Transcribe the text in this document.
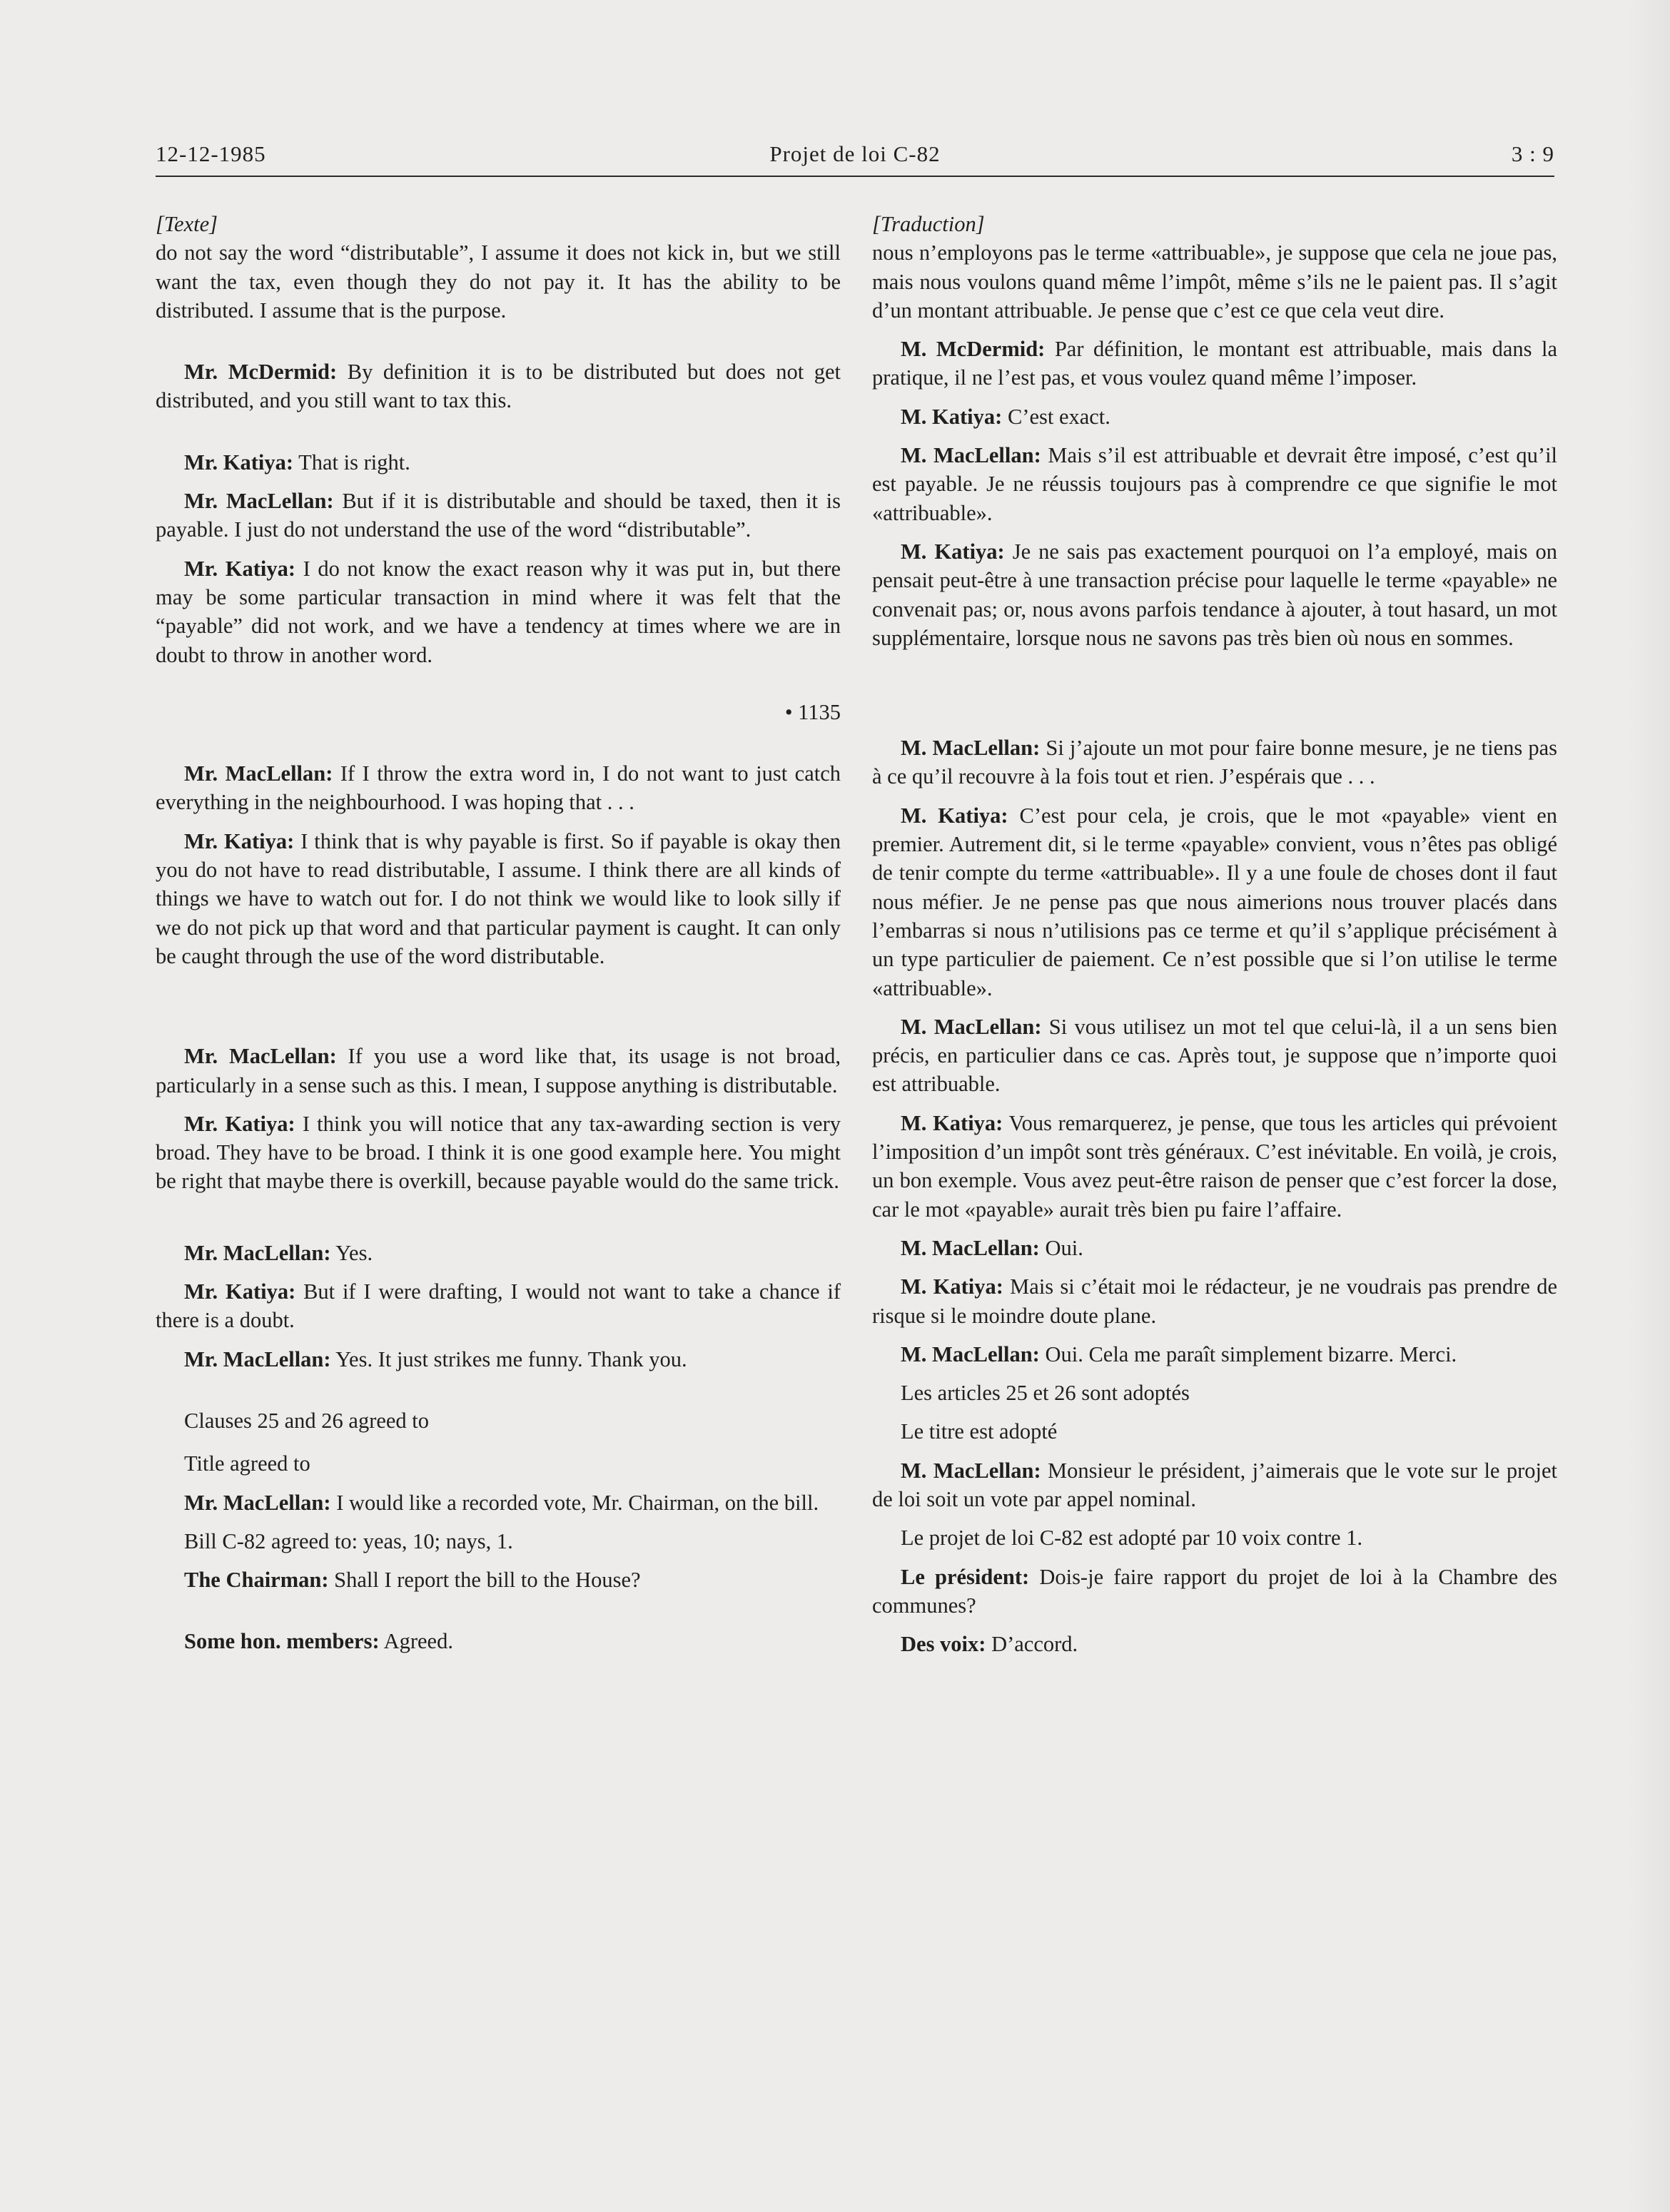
12-12-1985	Projet de loi C-82	3 : 9

[Texte]

do not say the word “distributable”, I assume it does not kick in, but we still want the tax, even though they do not pay it. It has the ability to be distributed. I assume that is the purpose.

Mr. McDermid: By definition it is to be distributed but does not get distributed, and you still want to tax this.

Mr. Katiya: That is right.

Mr. MacLellan: But if it is distributable and should be taxed, then it is payable. I just do not understand the use of the word “distributable”.

Mr. Katiya: I do not know the exact reason why it was put in, but there may be some particular transaction in mind where it was felt that the “payable” did not work, and we have a tendency at times where we are in doubt to throw in another word.

• 1135

Mr. MacLellan: If I throw the extra word in, I do not want to just catch everything in the neighbourhood. I was hoping that . . .

Mr. Katiya: I think that is why payable is first. So if payable is okay then you do not have to read distributable, I assume. I think there are all kinds of things we have to watch out for. I do not think we would like to look silly if we do not pick up that word and that particular payment is caught. It can only be caught through the use of the word distributable.

Mr. MacLellan: If you use a word like that, its usage is not broad, particularly in a sense such as this. I mean, I suppose anything is distributable.

Mr. Katiya: I think you will notice that any tax-awarding section is very broad. They have to be broad. I think it is one good example here. You might be right that maybe there is overkill, because payable would do the same trick.

Mr. MacLellan: Yes.

Mr. Katiya: But if I were drafting, I would not want to take a chance if there is a doubt.

Mr. MacLellan: Yes. It just strikes me funny. Thank you.

Clauses 25 and 26 agreed to

Title agreed to

Mr. MacLellan: I would like a recorded vote, Mr. Chairman, on the bill.

Bill C-82 agreed to: yeas, 10; nays, 1.

The Chairman: Shall I report the bill to the House?

Some hon. members: Agreed.

[Traduction]

nous n’employons pas le terme «attribuable», je suppose que cela ne joue pas, mais nous voulons quand même l’impôt, même s’ils ne le paient pas. Il s’agit d’un montant attribuable. Je pense que c’est ce que cela veut dire.

M. McDermid: Par définition, le montant est attribuable, mais dans la pratique, il ne l’est pas, et vous voulez quand même l’imposer.

M. Katiya: C’est exact.

M. MacLellan: Mais s’il est attribuable et devrait être imposé, c’est qu’il est payable. Je ne réussis toujours pas à comprendre ce que signifie le mot «attribuable».

M. Katiya: Je ne sais pas exactement pourquoi on l’a employé, mais on pensait peut-être à une transaction précise pour laquelle le terme «payable» ne convenait pas; or, nous avons parfois tendance à ajouter, à tout hasard, un mot supplémentaire, lorsque nous ne savons pas très bien où nous en sommes.

M. MacLellan: Si j’ajoute un mot pour faire bonne mesure, je ne tiens pas à ce qu’il recouvre à la fois tout et rien. J’espérais que . . .

M. Katiya: C’est pour cela, je crois, que le mot «payable» vient en premier. Autrement dit, si le terme «payable» convient, vous n’êtes pas obligé de tenir compte du terme «attribuable». Il y a une foule de choses dont il faut nous méfier. Je ne pense pas que nous aimerions nous trouver placés dans l’embarras si nous n’utilisions pas ce terme et qu’il s’applique précisément à un type particulier de paiement. Ce n’est possible que si l’on utilise le terme «attribuable».

M. MacLellan: Si vous utilisez un mot tel que celui-là, il a un sens bien précis, en particulier dans ce cas. Après tout, je suppose que n’importe quoi est attribuable.

M. Katiya: Vous remarquerez, je pense, que tous les articles qui prévoient l’imposition d’un impôt sont très généraux. C’est inévitable. En voilà, je crois, un bon exemple. Vous avez peut-être raison de penser que c’est forcer la dose, car le mot «payable» aurait très bien pu faire l’affaire.

M. MacLellan: Oui.

M. Katiya: Mais si c’était moi le rédacteur, je ne voudrais pas prendre de risque si le moindre doute plane.

M. MacLellan: Oui. Cela me paraît simplement bizarre. Merci.

Les articles 25 et 26 sont adoptés

Le titre est adopté

M. MacLellan: Monsieur le président, j’aimerais que le vote sur le projet de loi soit un vote par appel nominal.

Le projet de loi C-82 est adopté par 10 voix contre 1.

Le président: Dois-je faire rapport du projet de loi à la Chambre des communes?

Des voix: D’accord.
